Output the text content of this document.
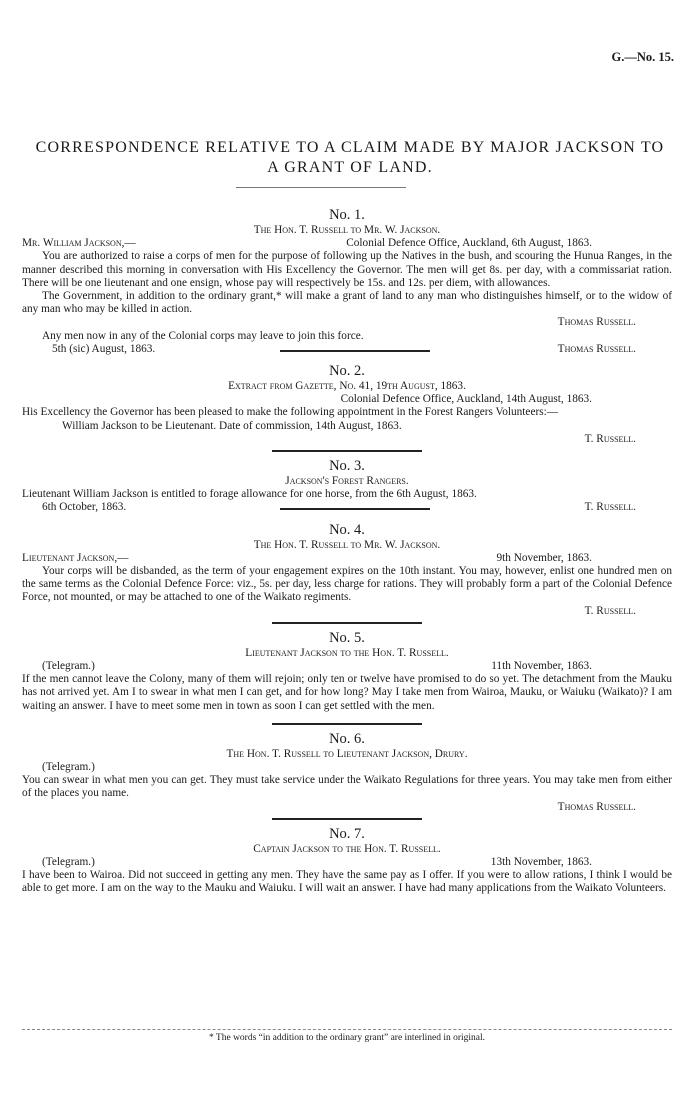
G.—No. 15.
CORRESPONDENCE RELATIVE TO A CLAIM MADE BY MAJOR JACKSON TO
A GRANT OF LAND.
No. 1.
The Hon. T. Russell to Mr. W. Jackson.
Mr. William Jackson,—	Colonial Defence Office, Auckland, 6th August, 1863.

You are authorized to raise a corps of men for the purpose of following up the Natives in the bush, and scouring the Hunua Ranges, in the manner described this morning in conversation with His Excellency the Governor. The men will get 8s. per day, with a commissariat ration. There will be one lieutenant and one ensign, whose pay will respectively be 15s. and 12s. per diem, with allowances.

The Government, in addition to the ordinary grant,* will make a grant of land to any man who distinguishes himself, or to the widow of any man who may be killed in action.

Thomas Russell.

Any men now in any of the Colonial corps may leave to join this force.

5th (sic) August, 1863.	Thomas Russell.
No. 2.
Extract from Gazette, No. 41, 19th August, 1863.
Colonial Defence Office, Auckland, 14th August, 1863.

His Excellency the Governor has been pleased to make the following appointment in the Forest Rangers Volunteers:—

William Jackson to be Lieutenant. Date of commission, 14th August, 1863.

T. Russell.
No. 3.
Jackson's Forest Rangers.

Lieutenant William Jackson is entitled to forage allowance for one horse, from the 6th August, 1863.

6th October, 1863.	T. Russell.
No. 4.
The Hon. T. Russell to Mr. W. Jackson.
Lieutenant Jackson,—	9th November, 1863.

Your corps will be disbanded, as the term of your engagement expires on the 10th instant. You may, however, enlist one hundred men on the same terms as the Colonial Defence Force: viz., 5s. per day, less charge for rations. They will probably form a part of the Colonial Defence Force, not mounted, or may be attached to one of the Waikato regiments.

T. Russell.
No. 5.
Lieutenant Jackson to the Hon. T. Russell.
(Telegram.)	11th November, 1863.

If the men cannot leave the Colony, many of them will rejoin; only ten or twelve have promised to do so yet. The detachment from the Mauku has not arrived yet. Am I to swear in what men I can get, and for how long? May I take men from Wairoa, Mauku, or Waiuku (Waikato)? I am waiting an answer. I have to meet some men in town as soon I can get settled with the men.

No. 6.
The Hon. T. Russell to Lieutenant Jackson, Drury.
(Telegram.)

You can swear in what men you can get. They must take service under the Waikato Regulations for three years. You may take men from either of the places you name.

Thomas Russell.
No. 7.
Captain Jackson to the Hon. T. Russell.
(Telegram.)	13th November, 1863.

I have been to Wairoa. Did not succeed in getting any men. They have the same pay as I offer. If you were to allow rations, I think I would be able to get more. I am on the way to the Mauku and Waiuku. I will wait an answer. I have had many applications from the Waikato Volunteers.

* The words “in addition to the ordinary grant” are interlined in original.
